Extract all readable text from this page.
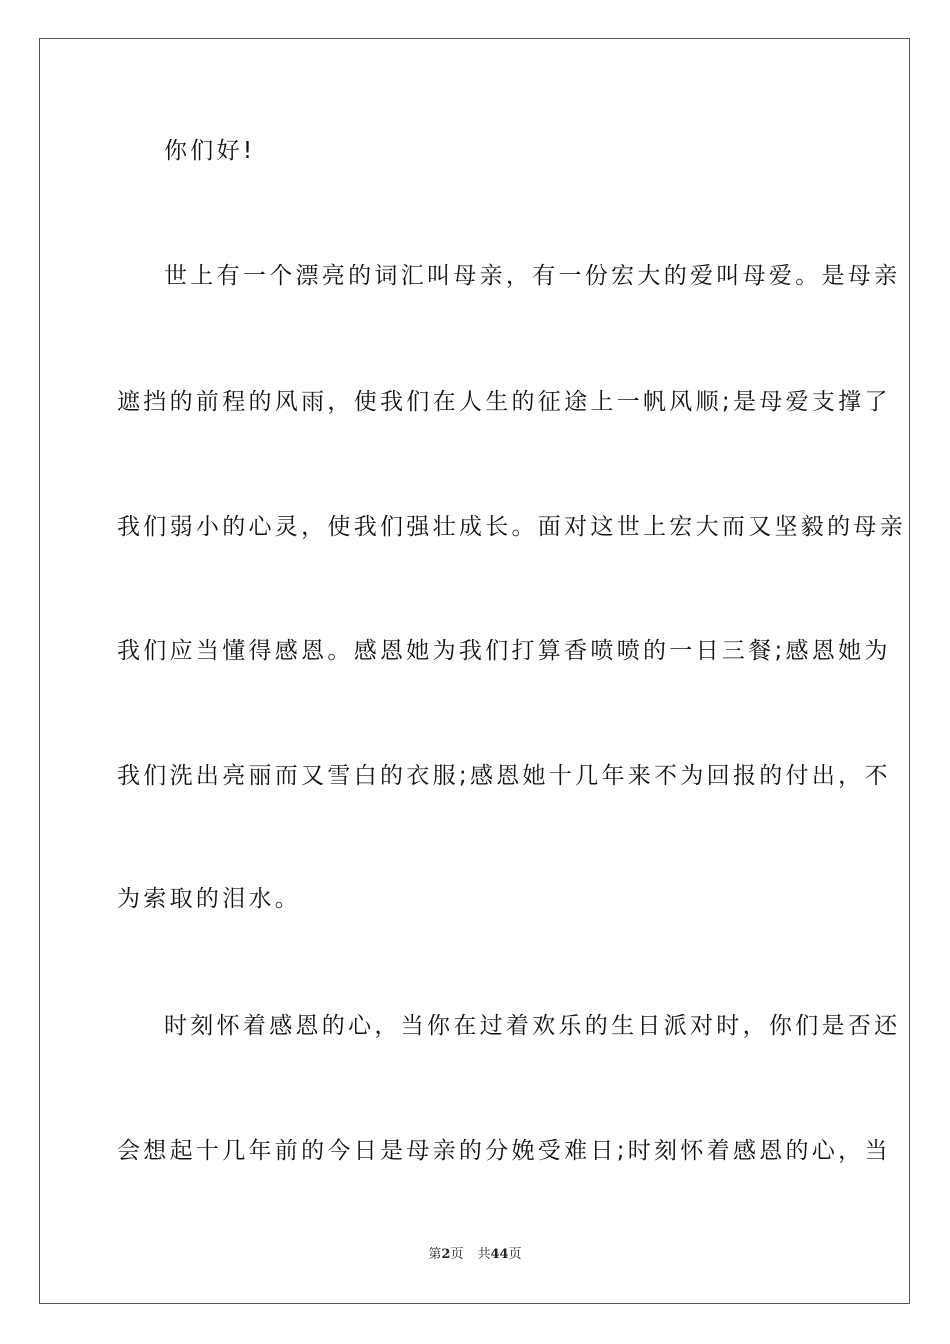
你们好!
世上有一个漂亮的词汇叫母亲，有一份宏大的爱叫母爱。是母亲
遮挡的前程的风雨，使我们在人生的征途上一帆风顺;是母爱支撑了
我们弱小的心灵，使我们强壮成长。面对这世上宏大而又坚毅的母亲
我们应当懂得感恩。感恩她为我们打算香喷喷的一日三餐;感恩她为
我们洗出亮丽而又雪白的衣服;感恩她十几年来不为回报的付出，不
为索取的泪水。
时刻怀着感恩的心，当你在过着欢乐的生日派对时，你们是否还
会想起十几年前的今日是母亲的分娩受难日;时刻怀着感恩的心，当
第2页 共44页
